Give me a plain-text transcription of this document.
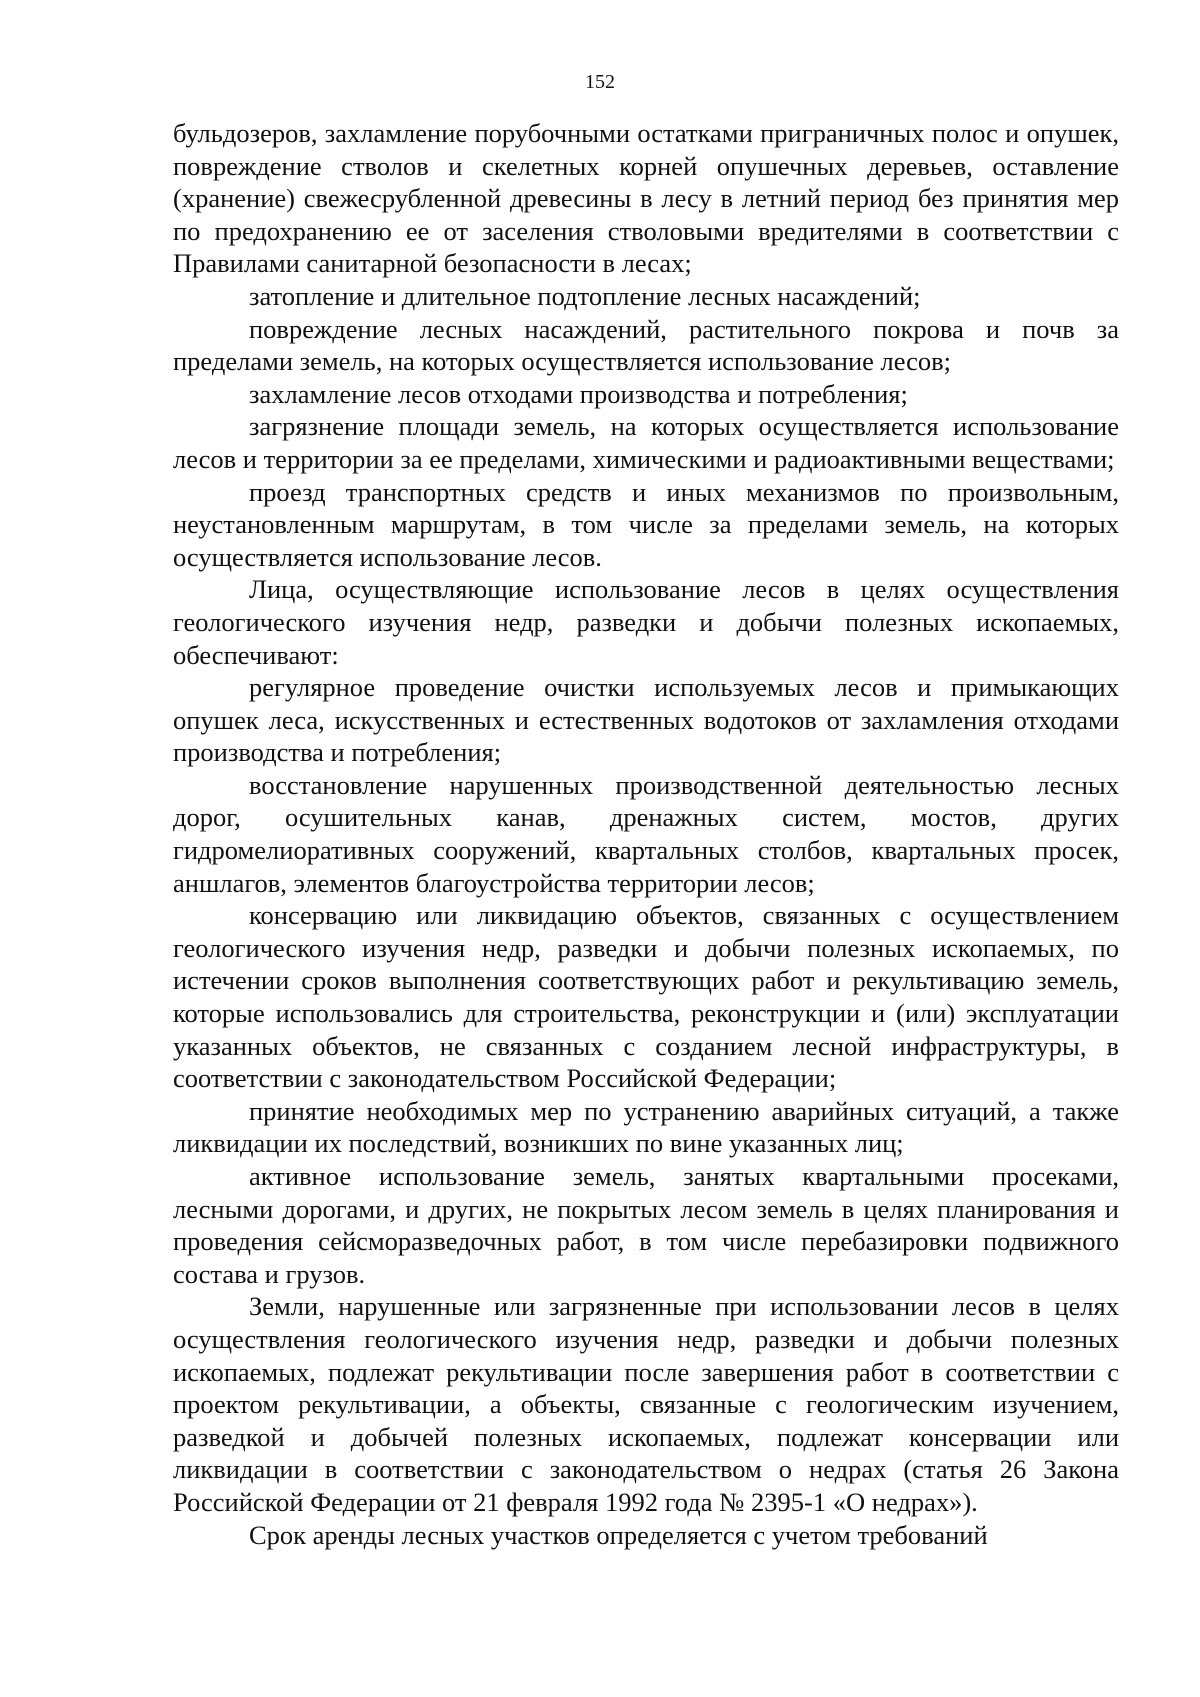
152

бульдозеров, захламление порубочными остатками приграничных полос и опушек, повреждение стволов и скелетных корней опушечных деревьев, оставление (хранение) свежесрубленной древесины в лесу в летний период без принятия мер по предохранению ее от заселения стволовыми вредителями в соответствии с Правилами санитарной безопасности в лесах;

затопление и длительное подтопление лесных насаждений;

повреждение лесных насаждений, растительного покрова и почв за пределами земель, на которых осуществляется использование лесов;

захламление лесов отходами производства и потребления;

загрязнение площади земель, на которых осуществляется использование лесов и территории за ее пределами, химическими и радиоактивными веществами;

проезд транспортных средств и иных механизмов по произвольным, неустановленным маршрутам, в том числе за пределами земель, на которых осуществляется использование лесов.

Лица, осуществляющие использование лесов в целях осуществления геологического изучения недр, разведки и добычи полезных ископаемых, обеспечивают:

регулярное проведение очистки используемых лесов и примыкающих опушек леса, искусственных и естественных водотоков от захламления отходами производства и потребления;

восстановление нарушенных производственной деятельностью лесных дорог, осушительных канав, дренажных систем, мостов, других гидромелиоративных сооружений, квартальных столбов, квартальных просек, аншлагов, элементов благоустройства территории лесов;

консервацию или ликвидацию объектов, связанных с осуществлением геологического изучения недр, разведки и добычи полезных ископаемых, по истечении сроков выполнения соответствующих работ и рекультивацию земель, которые использовались для строительства, реконструкции и (или) эксплуатации указанных объектов, не связанных с созданием лесной инфраструктуры, в соответствии с законодательством Российской Федерации;

принятие необходимых мер по устранению аварийных ситуаций, а также ликвидации их последствий, возникших по вине указанных лиц;

активное использование земель, занятых квартальными просеками, лесными дорогами, и других, не покрытых лесом земель в целях планирования и проведения сейсморазведочных работ, в том числе перебазировки подвижного состава и грузов.

Земли, нарушенные или загрязненные при использовании лесов в целях осуществления геологического изучения недр, разведки и добычи полезных ископаемых, подлежат рекультивации после завершения работ в соответствии с проектом рекультивации, а объекты, связанные с геологическим изучением, разведкой и добычей полезных ископаемых, подлежат консервации или ликвидации в соответствии с законодательством о недрах (статья 26 Закона Российской Федерации от 21 февраля 1992 года № 2395-1 «О недрах»).

Срок аренды лесных участков определяется с учетом требований
